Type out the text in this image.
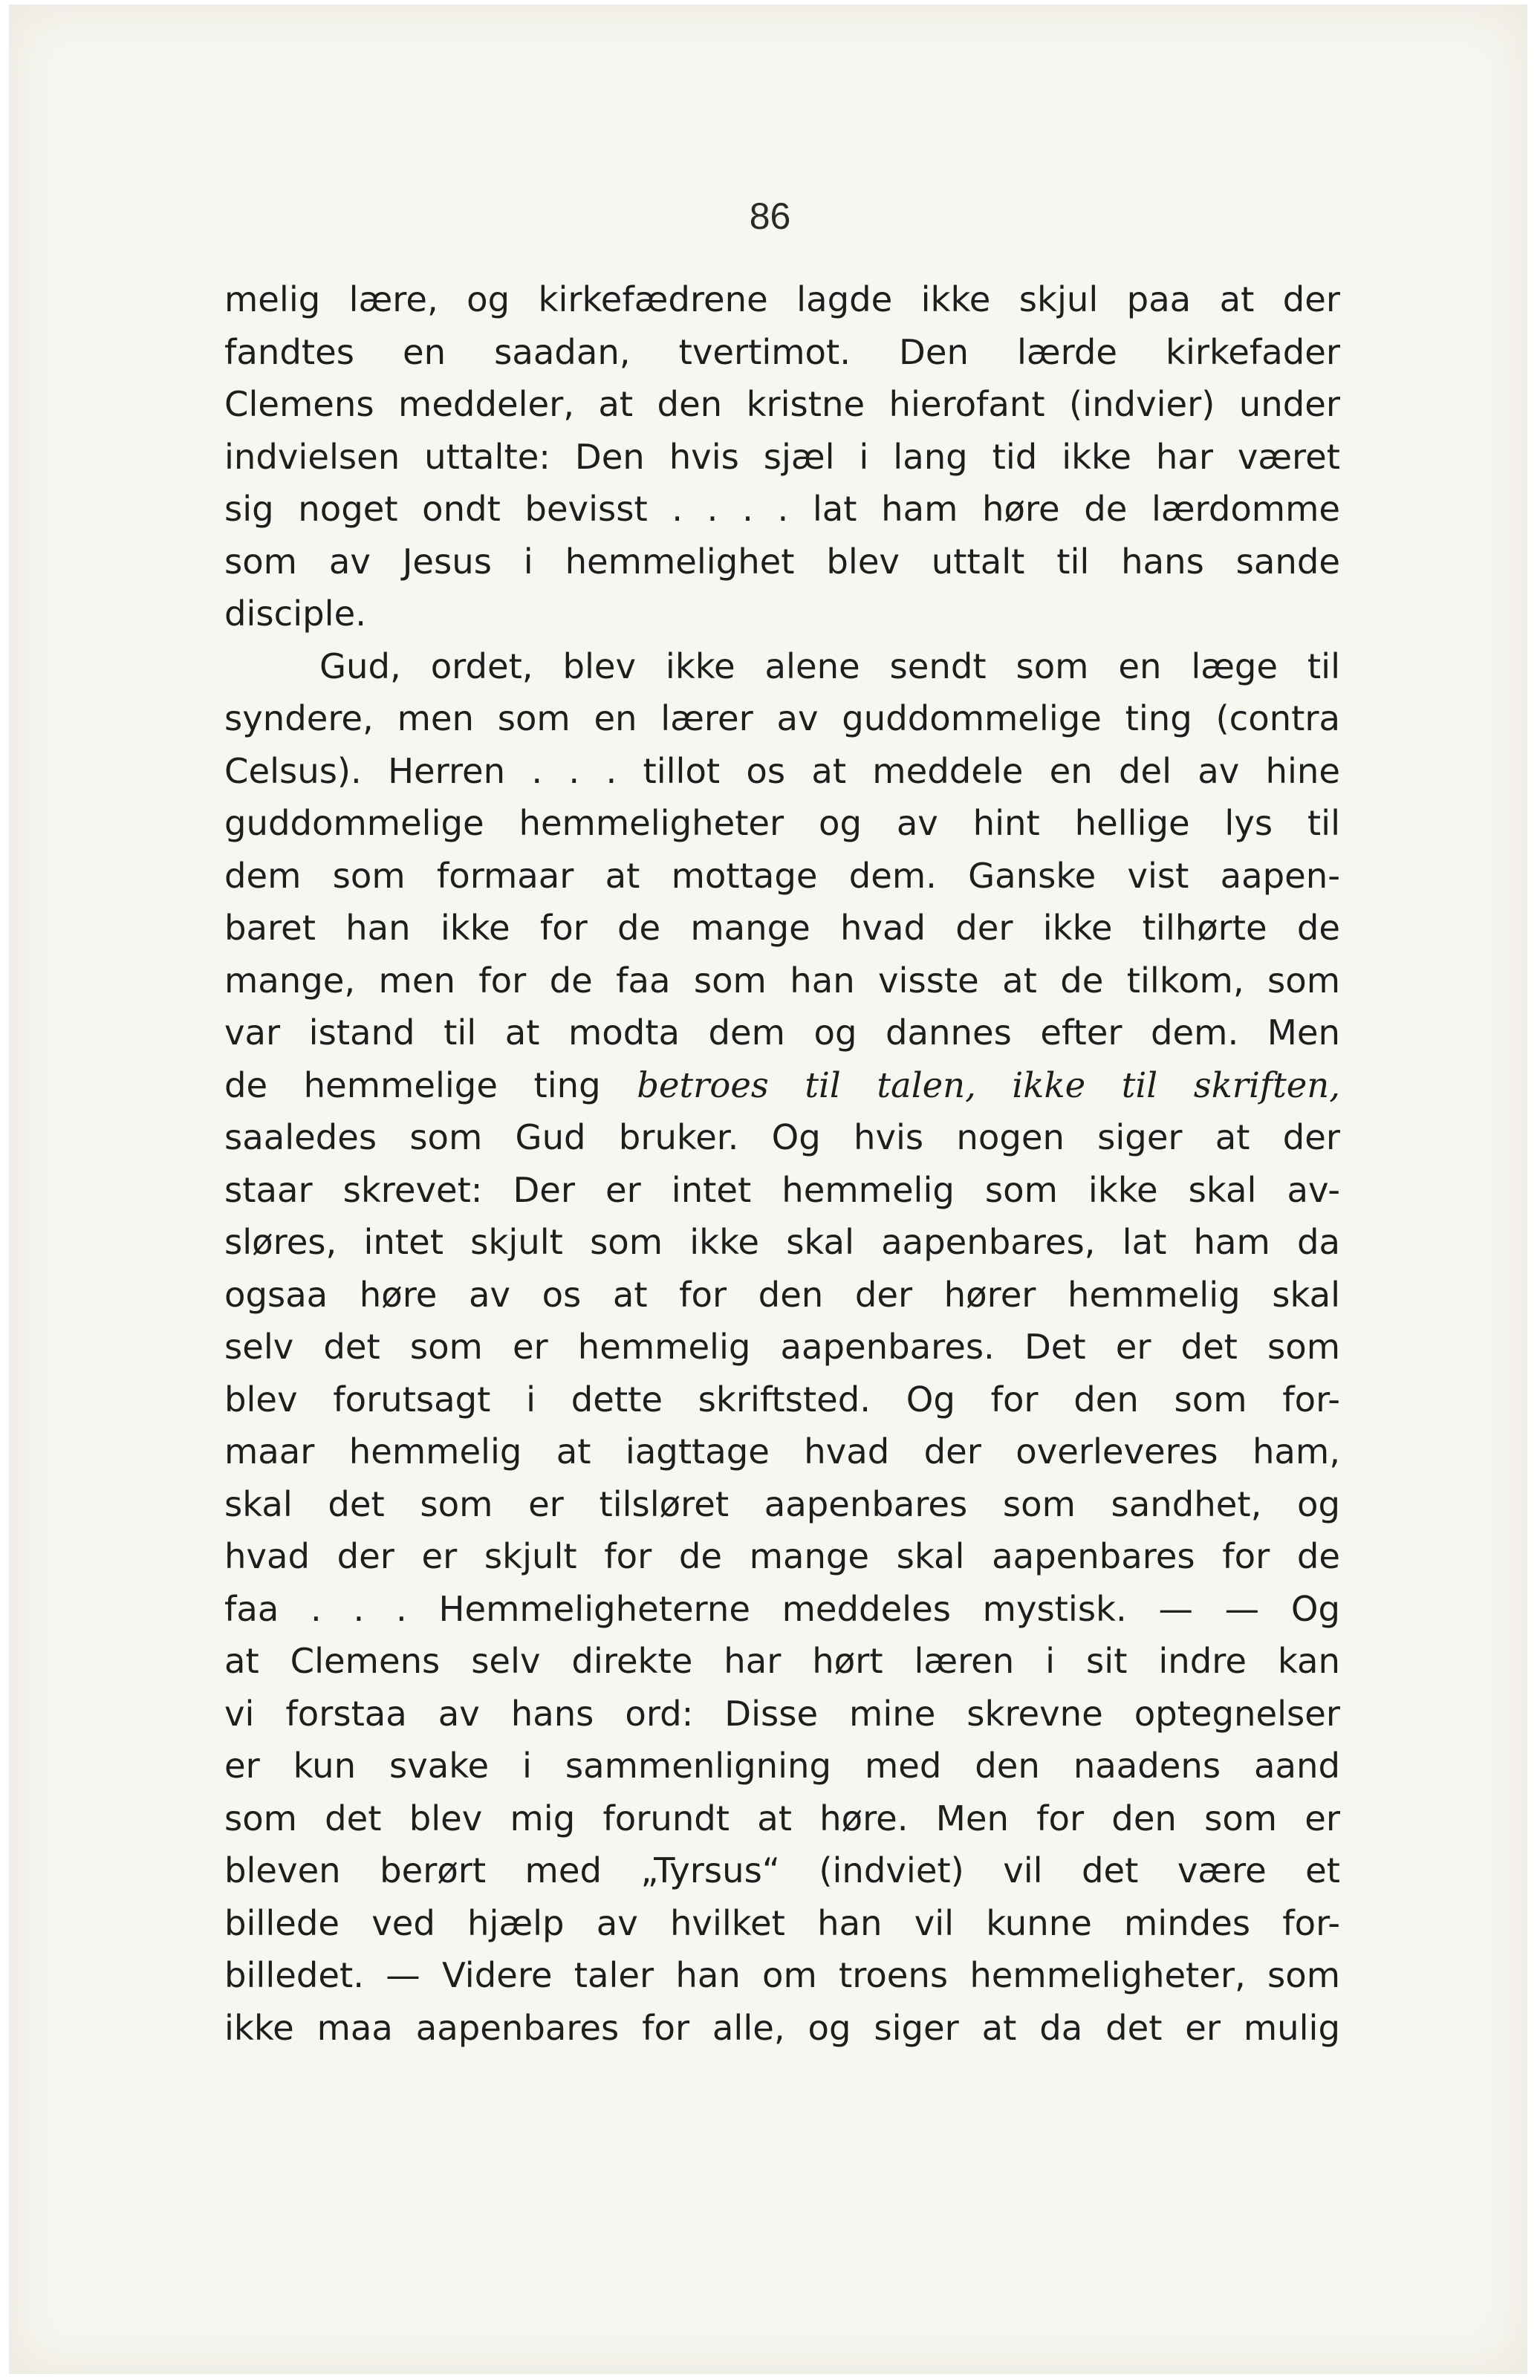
86

melig lære, og kirkefædrene lagde ikke skjul paa at der

fandtes en saadan, tvertimot. Den lærde kirkefader

Clemens meddeler, at den kristne hierofant (indvier) under

indvielsen uttalte: Den hvis sjæl i lang tid ikke har været

sig noget ondt bevisst . . . . lat ham høre de lærdomme

som av Jesus i hemmelighet blev uttalt til hans sande

disciple.

Gud, ordet, blev ikke alene sendt som en læge til

syndere, men som en lærer av guddommelige ting (contra

Celsus). Herren . . . tillot os at meddele en del av hine

guddommelige hemmeligheter og av hint hellige lys til

dem som formaar at mottage dem. Ganske vist aapen-

baret han ikke for de mange hvad der ikke tilhørte de

mange, men for de faa som han visste at de tilkom, som

var istand til at modta dem og dannes efter dem. Men

de hemmelige ting betroes til talen, ikke til skriften,

saaledes som Gud bruker. Og hvis nogen siger at der

staar skrevet: Der er intet hemmelig som ikke skal av-

sløres, intet skjult som ikke skal aapenbares, lat ham da

ogsaa høre av os at for den der hører hemmelig skal

selv det som er hemmelig aapenbares. Det er det som

blev forutsagt i dette skriftsted. Og for den som for-

maar hemmelig at iagttage hvad der overleveres ham,

skal det som er tilsløret aapenbares som sandhet, og

hvad der er skjult for de mange skal aapenbares for de

faa . . . Hemmeligheterne meddeles mystisk. — — Og

at Clemens selv direkte har hørt læren i sit indre kan

vi forstaa av hans ord: Disse mine skrevne optegnelser

er kun svake i sammenligning med den naadens aand

som det blev mig forundt at høre. Men for den som er

bleven berørt med „Tyrsus“ (indviet) vil det være et

billede ved hjælp av hvilket han vil kunne mindes for-

billedet. — Videre taler han om troens hemmeligheter, som

ikke maa aapenbares for alle, og siger at da det er mulig
